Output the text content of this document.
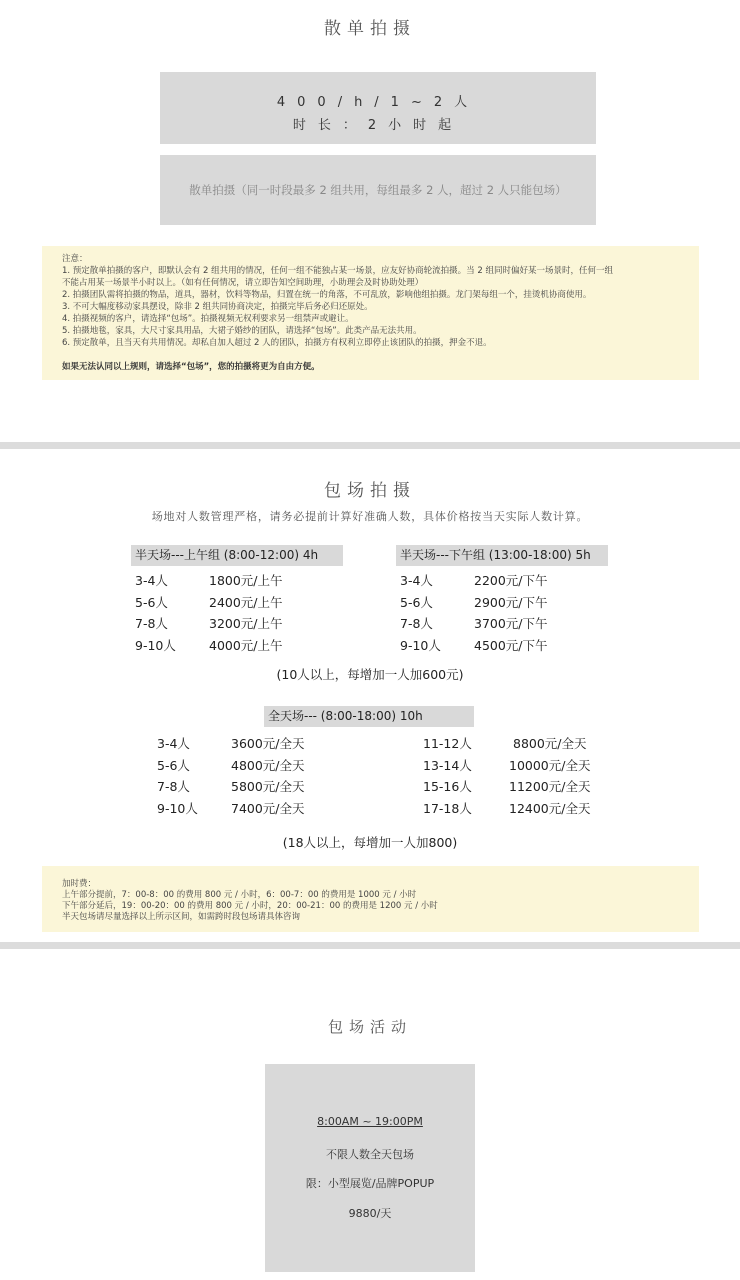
散单拍摄
400/h/1~2人
时长：2小时起
散单拍摄（同一时段最多 2 组共用，每组最多 2 人，超过 2 人只能包场）
注意：
1. 预定散单拍摄的客户，即默认会有 2 组共用的情况，任何一组不能独占某一场景，应友好协商轮流拍摄。当 2 组同时偏好某一场景时，任何一组
不能占用某一场景半小时以上。（如有任何情况，请立即告知空间助理，小助理会及时协助处理）
2. 拍摄团队需将拍摄的物品，道具，器材，饮料等物品，归置在统一的角落，不可乱放，影响他组拍摄。龙门架每组一个，挂烫机协商使用。
3. 不可大幅度移动家具摆设，除非 2 组共同协商决定，拍摄完毕后务必归还原处。
4. 拍摄视频的客户，请选择“包场”。拍摄视频无权利要求另一组禁声或避让。
5. 拍摄地毯，家具，大尺寸家具用品，大裙子婚纱的团队，请选择“包场”。此类产品无法共用。
6. 预定散单，且当天有共用情况。却私自加人超过 2 人的团队，拍摄方有权利立即停止该团队的拍摄，押金不退。
如果无法认同以上规则，请选择“包场”，您的拍摄将更为自由方便。
包场拍摄
场地对人数管理严格，请务必提前计算好准确人数，具体价格按当天实际人数计算。
半天场---上午组 (8:00-12:00) 4h
3-4人	1800元/上午
5-6人	2400元/上午
7-8人	3200元/上午
9-10人	4000元/上午
半天场---下午组 (13:00-18:00) 5h
3-4人	2200元/下午
5-6人	2900元/下午
7-8人	3700元/下午
9-10人	4500元/下午
(10人以上，每增加一人加600元)
全天场--- (8:00-18:00) 10h
3-4人	3600元/全天
5-6人	4800元/全天
7-8人	5800元/全天
9-10人	7400元/全天
11-12人	8800元/全天
13-14人	10000元/全天
15-16人	11200元/全天
17-18人	12400元/全天
(18人以上，每增加一人加800)
加时费：
上午部分提前，7：00-8：00 的费用 800 元 / 小时，6：00-7：00 的费用是 1000 元 / 小时
下午部分延后，19：00-20：00 的费用 800 元 / 小时，20：00-21：00 的费用是 1200 元 / 小时
半天包场请尽量选择以上所示区间，如需跨时段包场请具体咨询
包场活动
8:00AM ~ 19:00PM
不限人数全天包场
限：小型展览/品牌POPUP
9880/天
